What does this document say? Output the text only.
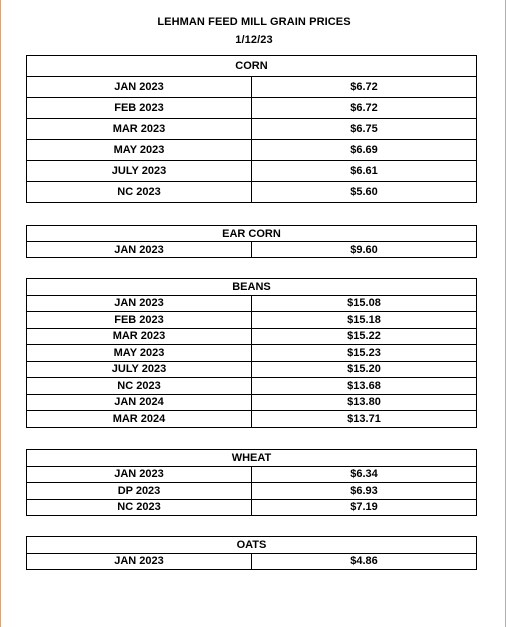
LEHMAN FEED MILL GRAIN PRICES
1/12/23
CORN	
JAN 2023	$6.72
FEB 2023	$6.72
MAR 2023	$6.75
MAY 2023	$6.69
JULY 2023	$6.61
NC 2023	$5.60
EAR CORN
JAN 2023	$9.60
BEANS	
JAN 2023	$15.08
FEB 2023	$15.18
MAR 2023	$15.22
MAY 2023	$15.23
JULY 2023	$15.20
NC 2023	$13.68
JAN 2024	$13.80
MAR 2024	$13.71
WHEAT	
JAN 2023	$6.34
DP 2023	$6.93
NC 2023	$7.19
OATS
JAN 2023	$4.86
